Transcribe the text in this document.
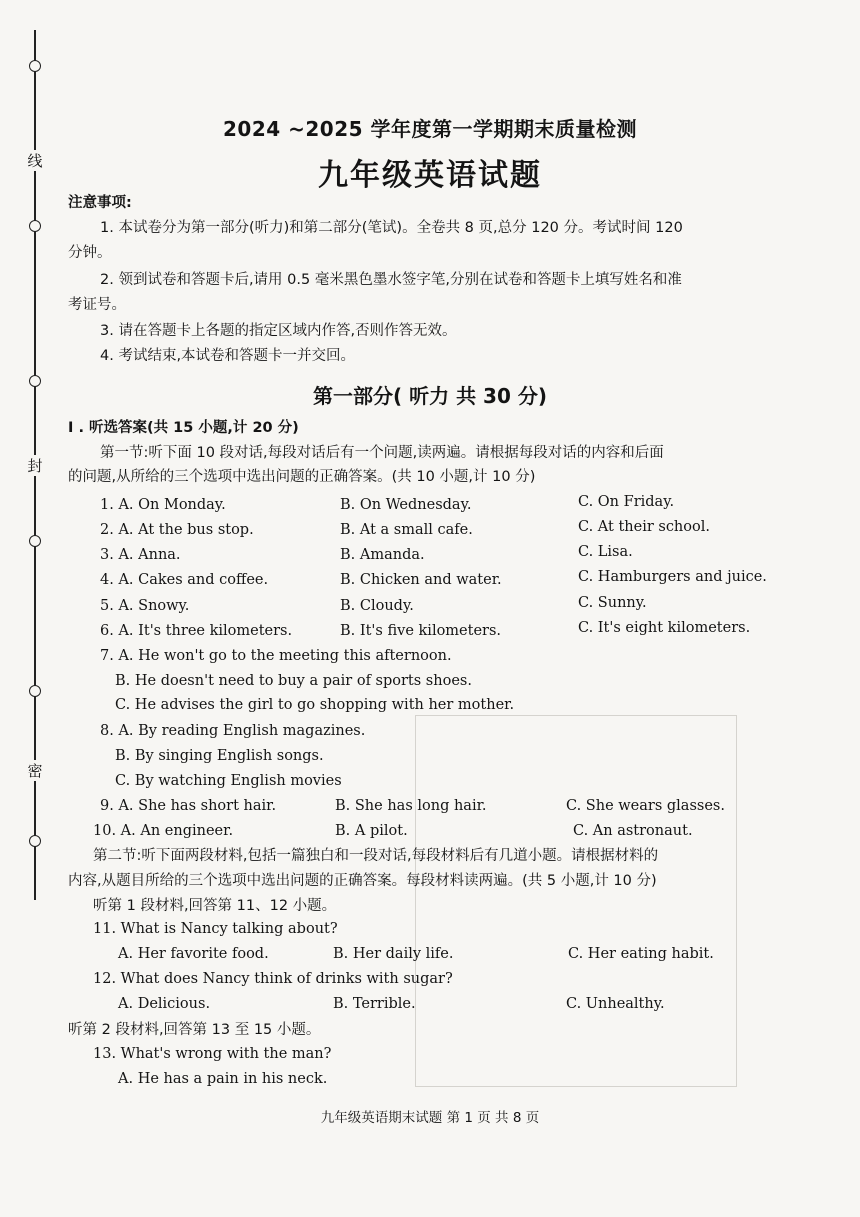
线
封
密
2024 ~2025 学年度第一学期期末质量检测
九年级英语试题
注意事项:
1. 本试卷分为第一部分(听力)和第二部分(笔试)。全卷共 8 页,总分 120 分。考试时间 120
分钟。
2. 领到试卷和答题卡后,请用 0.5 毫米黑色墨水签字笔,分别在试卷和答题卡上填写姓名和准
考证号。
3. 请在答题卡上各题的指定区域内作答,否则作答无效。
4. 考试结束,本试卷和答题卡一并交回。
第一部分( 听力 共 30 分)
I . 听选答案(共 15 小题,计 20 分)
第一节:听下面 10 段对话,每段对话后有一个问题,读两遍。请根据每段对话的内容和后面
的问题,从所给的三个选项中选出问题的正确答案。(共 10 小题,计 10 分)
1. A. On Monday.	B. On Wednesday.	C. On Friday.
2. A. At the bus stop.	B. At a small cafe.	C. At their school.
3. A. Anna.	B. Amanda.	C. Lisa.
4. A. Cakes and coffee.	B. Chicken and water.	C. Hamburgers and juice.
5. A. Snowy.	B. Cloudy.	C. Sunny.
6. A. It's three kilometers.	B. It's five kilometers.	C. It's eight kilometers.
7. A. He won't go to the meeting this afternoon.
B. He doesn't need to buy a pair of sports shoes.
C. He advises the girl to go shopping with her mother.
8. A. By reading English magazines.
B. By singing English songs.
C. By watching English movies
9. A. She has short hair.	B. She has long hair.	C. She wears glasses.
10. A. An engineer.	B. A pilot.	C. An astronaut.
第二节:听下面两段材料,包括一篇独白和一段对话,每段材料后有几道小题。请根据材料的
内容,从题目所给的三个选项中选出问题的正确答案。每段材料读两遍。(共 5 小题,计 10 分)
听第 1 段材料,回答第 11、12 小题。
11. What is Nancy talking about?
A. Her favorite food.	B. Her daily life.	C. Her eating habit.
12. What does Nancy think of drinks with sugar?
A. Delicious.	B. Terrible.	C. Unhealthy.
听第 2 段材料,回答第 13 至 15 小题。
13. What's wrong with the man?
A. He has a pain in his neck.
九年级英语期末试题 第 1 页 共 8 页
